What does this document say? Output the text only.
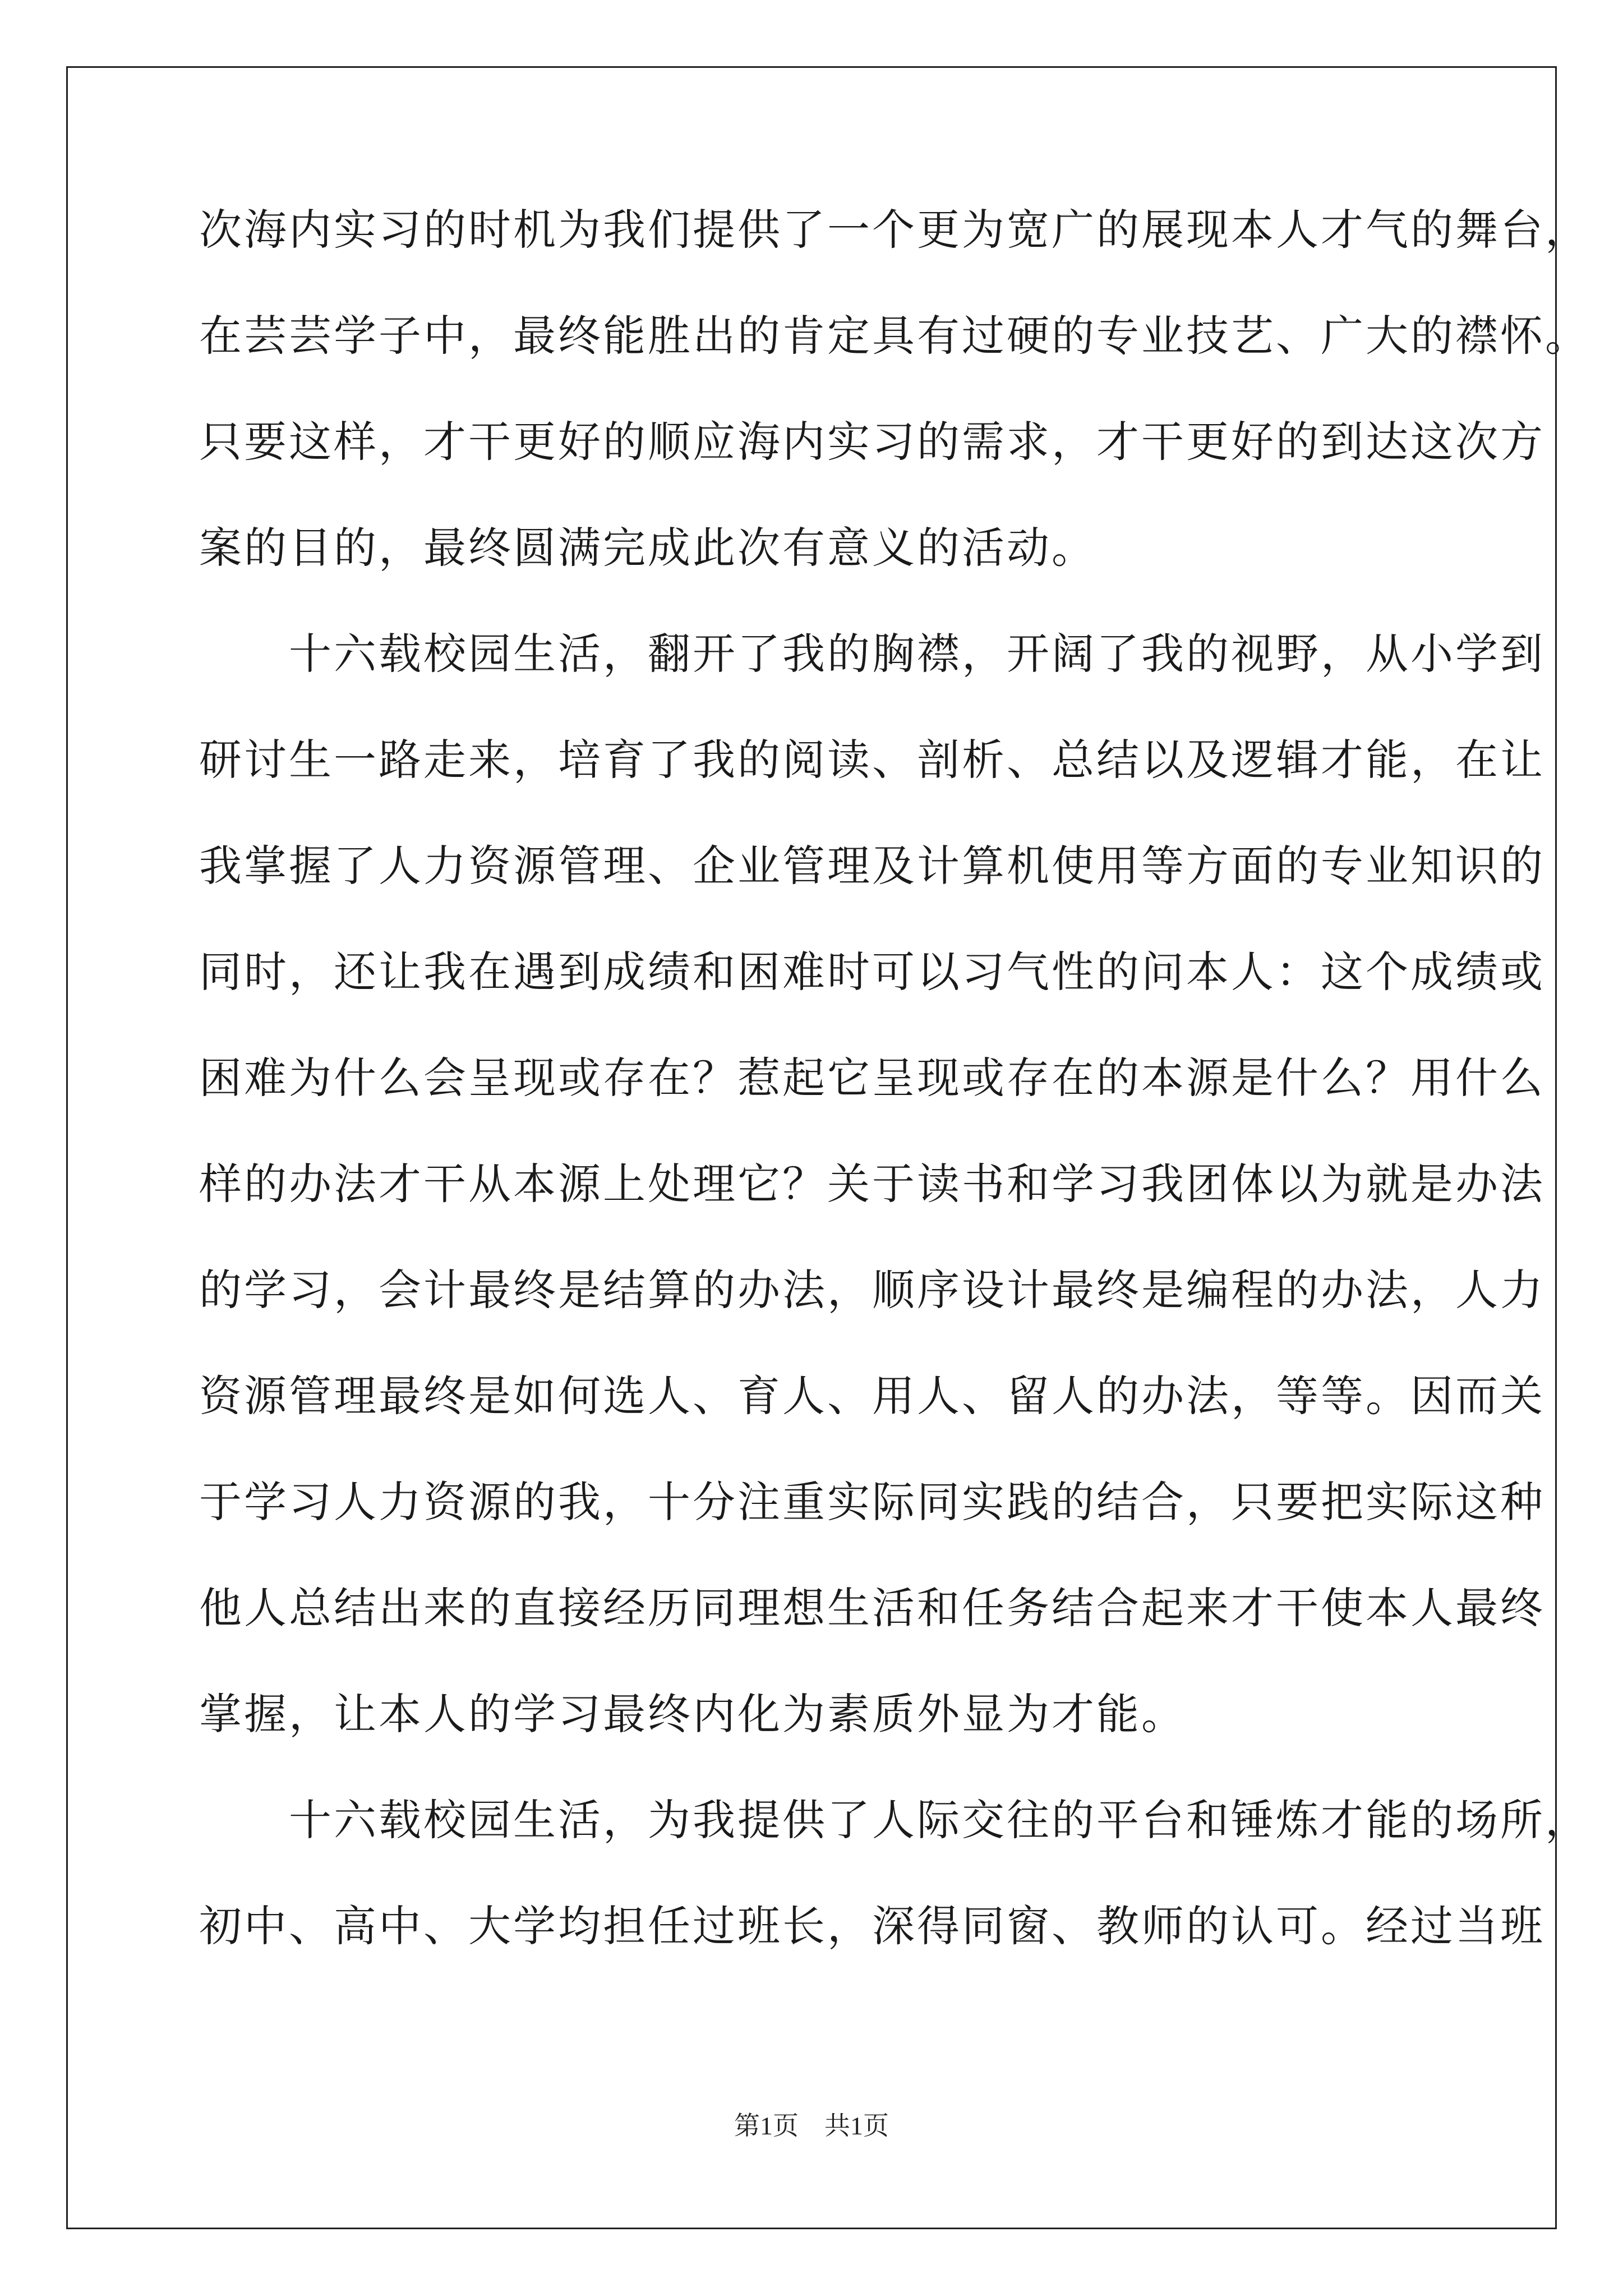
次海内实习的时机为我们提供了一个更为宽广的展现本人才气的舞台，
在芸芸学子中，最终能胜出的肯定具有过硬的专业技艺、广大的襟怀。
只要这样，才干更好的顺应海内实习的需求，才干更好的到达这次方
案的目的，最终圆满完成此次有意义的活动。
　　十六载校园生活，翻开了我的胸襟，开阔了我的视野，从小学到
研讨生一路走来，培育了我的阅读、剖析、总结以及逻辑才能，在让
我掌握了人力资源管理、企业管理及计算机使用等方面的专业知识的
同时，还让我在遇到成绩和困难时可以习气性的问本人：这个成绩或
困难为什么会呈现或存在？惹起它呈现或存在的本源是什么？用什么
样的办法才干从本源上处理它？关于读书和学习我团体以为就是办法
的学习，会计最终是结算的办法，顺序设计最终是编程的办法，人力
资源管理最终是如何选人、育人、用人、留人的办法，等等。因而关
于学习人力资源的我，十分注重实际同实践的结合，只要把实际这种
他人总结出来的直接经历同理想生活和任务结合起来才干使本人最终
掌握，让本人的学习最终内化为素质外显为才能。
　　十六载校园生活，为我提供了人际交往的平台和锤炼才能的场所，
初中、高中、大学均担任过班长，深得同窗、教师的认可。经过当班
第1页　共1页
